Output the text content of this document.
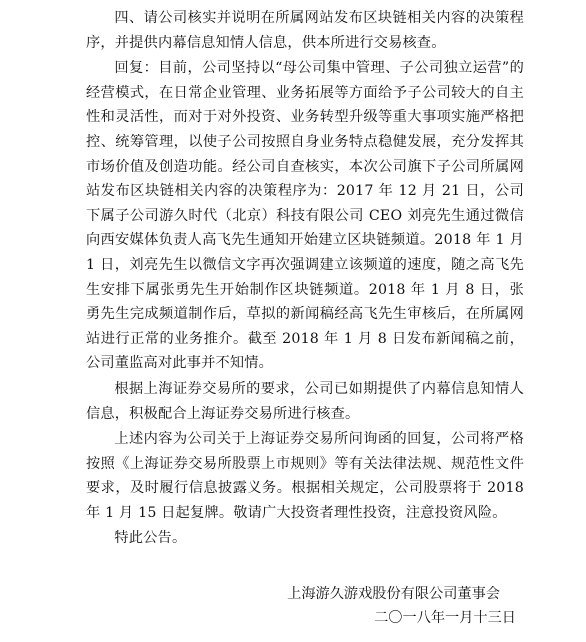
四、请公司核实并说明在所属网站发布区块链相关内容的决策程序，并提供内幕信息知情人信息，供本所进行交易核查。

回复：目前，公司坚持以“母公司集中管理、子公司独立运营”的经营模式，在日常企业管理、业务拓展等方面给予子公司较大的自主性和灵活性，而对于对外投资、业务转型升级等重大事项实施严格把控、统筹管理，以使子公司按照自身业务特点稳健发展，充分发挥其市场价值及创造功能。经公司自查核实，本次公司旗下子公司所属网站发布区块链相关内容的决策程序为：2017 年 12 月 21 日，公司下属子公司游久时代（北京）科技有限公司 CEO 刘亮先生通过微信向西安媒体负责人高飞先生通知开始建立区块链频道。2018 年 1 月 1 日，刘亮先生以微信文字再次强调建立该频道的速度，随之高飞先生安排下属张勇先生开始制作区块链频道。2018 年 1 月 8 日，张勇先生完成频道制作后，草拟的新闻稿经高飞先生审核后，在所属网站进行正常的业务推介。截至 2018 年 1 月 8 日发布新闻稿之前，公司董监高对此事并不知情。

根据上海证券交易所的要求，公司已如期提供了内幕信息知情人信息，积极配合上海证券交易所进行核查。

上述内容为公司关于上海证券交易所问询函的回复，公司将严格按照《上海证券交易所股票上市规则》等有关法律法规、规范性文件要求，及时履行信息披露义务。根据相关规定，公司股票将于 2018 年 1 月 15 日起复牌。敬请广大投资者理性投资，注意投资风险。

特此公告。

上海游久游戏股份有限公司董事会
二〇一八年一月十三日
